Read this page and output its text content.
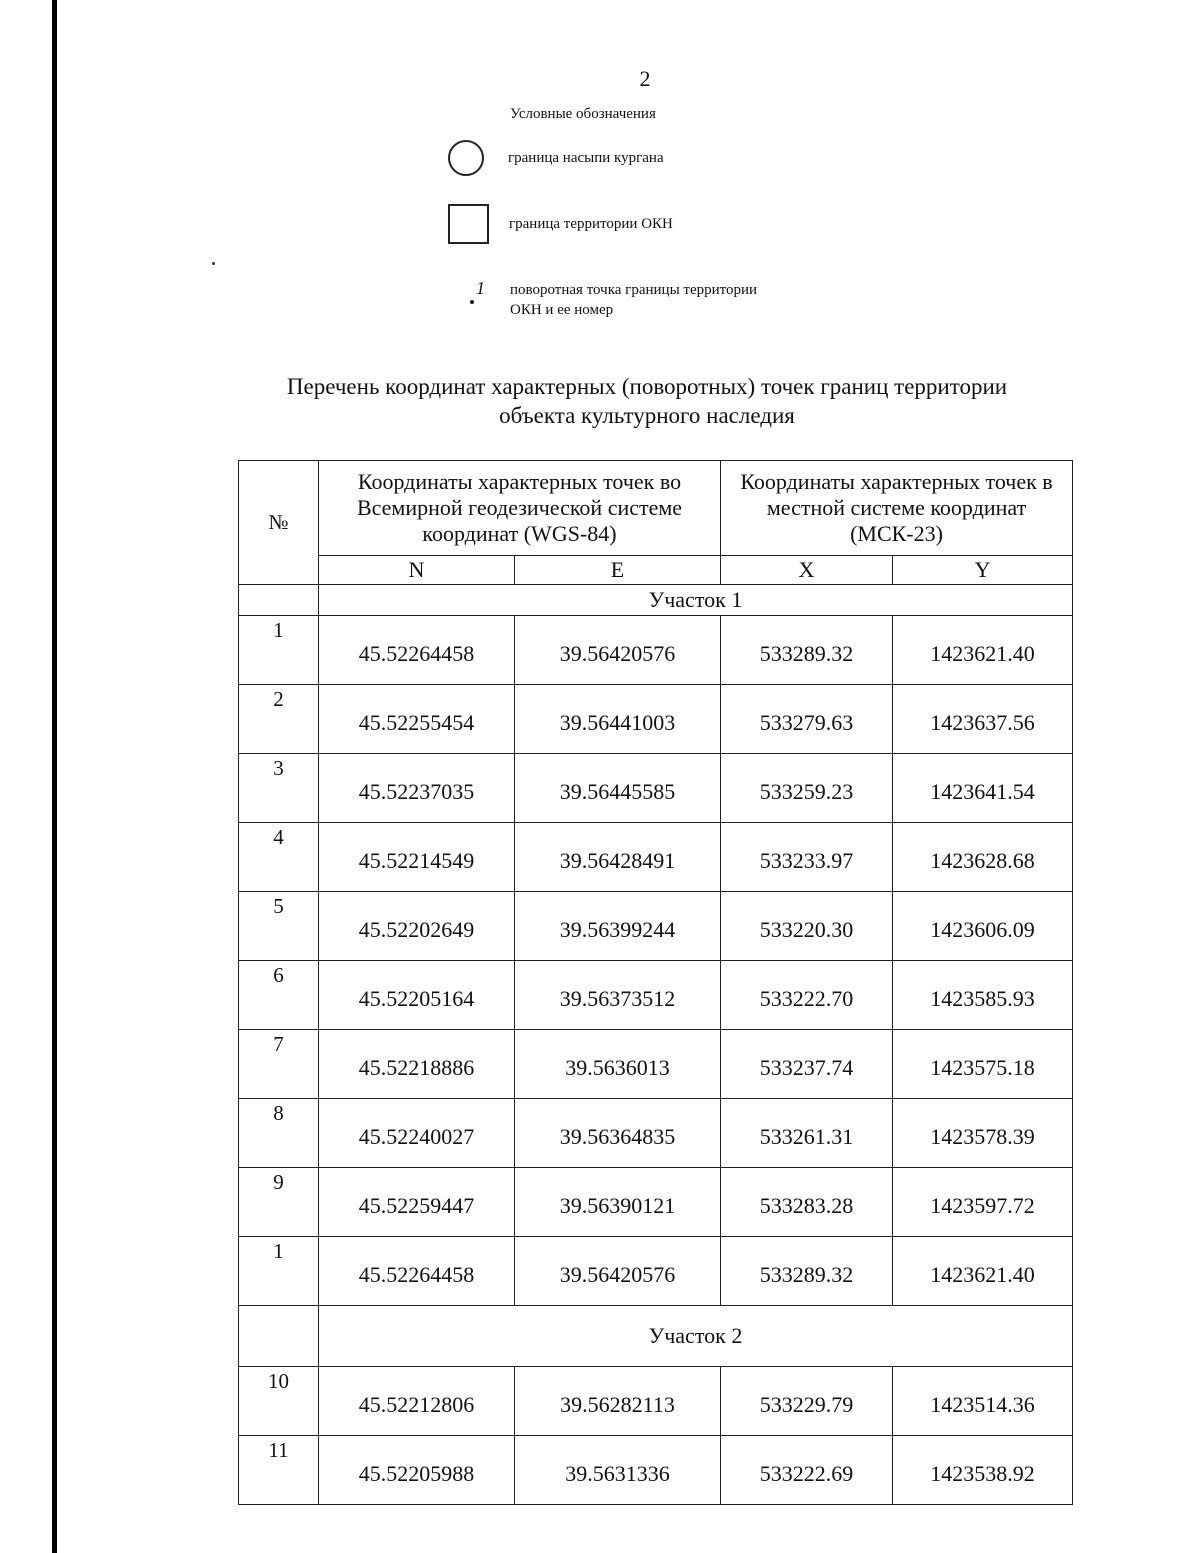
2
Условные обозначения
граница насыпи кургана
граница территории ОКН
1 поворотная точка границы территории
ОКН и ее номер
Перечень координат характерных (поворотных) точек границ территории
объекта культурного наследия
№	Координаты характерных точек во Всемирной геодезической системе координат (WGS-84)		Координаты характерных точек в местной системе координат (МСК-23)	
	N	E	X	Y
	Участок 1			
1	45.52264458	39.56420576	533289.32	1423621.40
2	45.52255454	39.56441003	533279.63	1423637.56
3	45.52237035	39.56445585	533259.23	1423641.54
4	45.52214549	39.56428491	533233.97	1423628.68
5	45.52202649	39.56399244	533220.30	1423606.09
6	45.52205164	39.56373512	533222.70	1423585.93
7	45.52218886	39.5636013	533237.74	1423575.18
8	45.52240027	39.56364835	533261.31	1423578.39
9	45.52259447	39.56390121	533283.28	1423597.72
1	45.52264458	39.56420576	533289.32	1423621.40
	Участок 2			
10	45.52212806	39.56282113	533229.79	1423514.36
11	45.52205988	39.5631336	533222.69	1423538.92
